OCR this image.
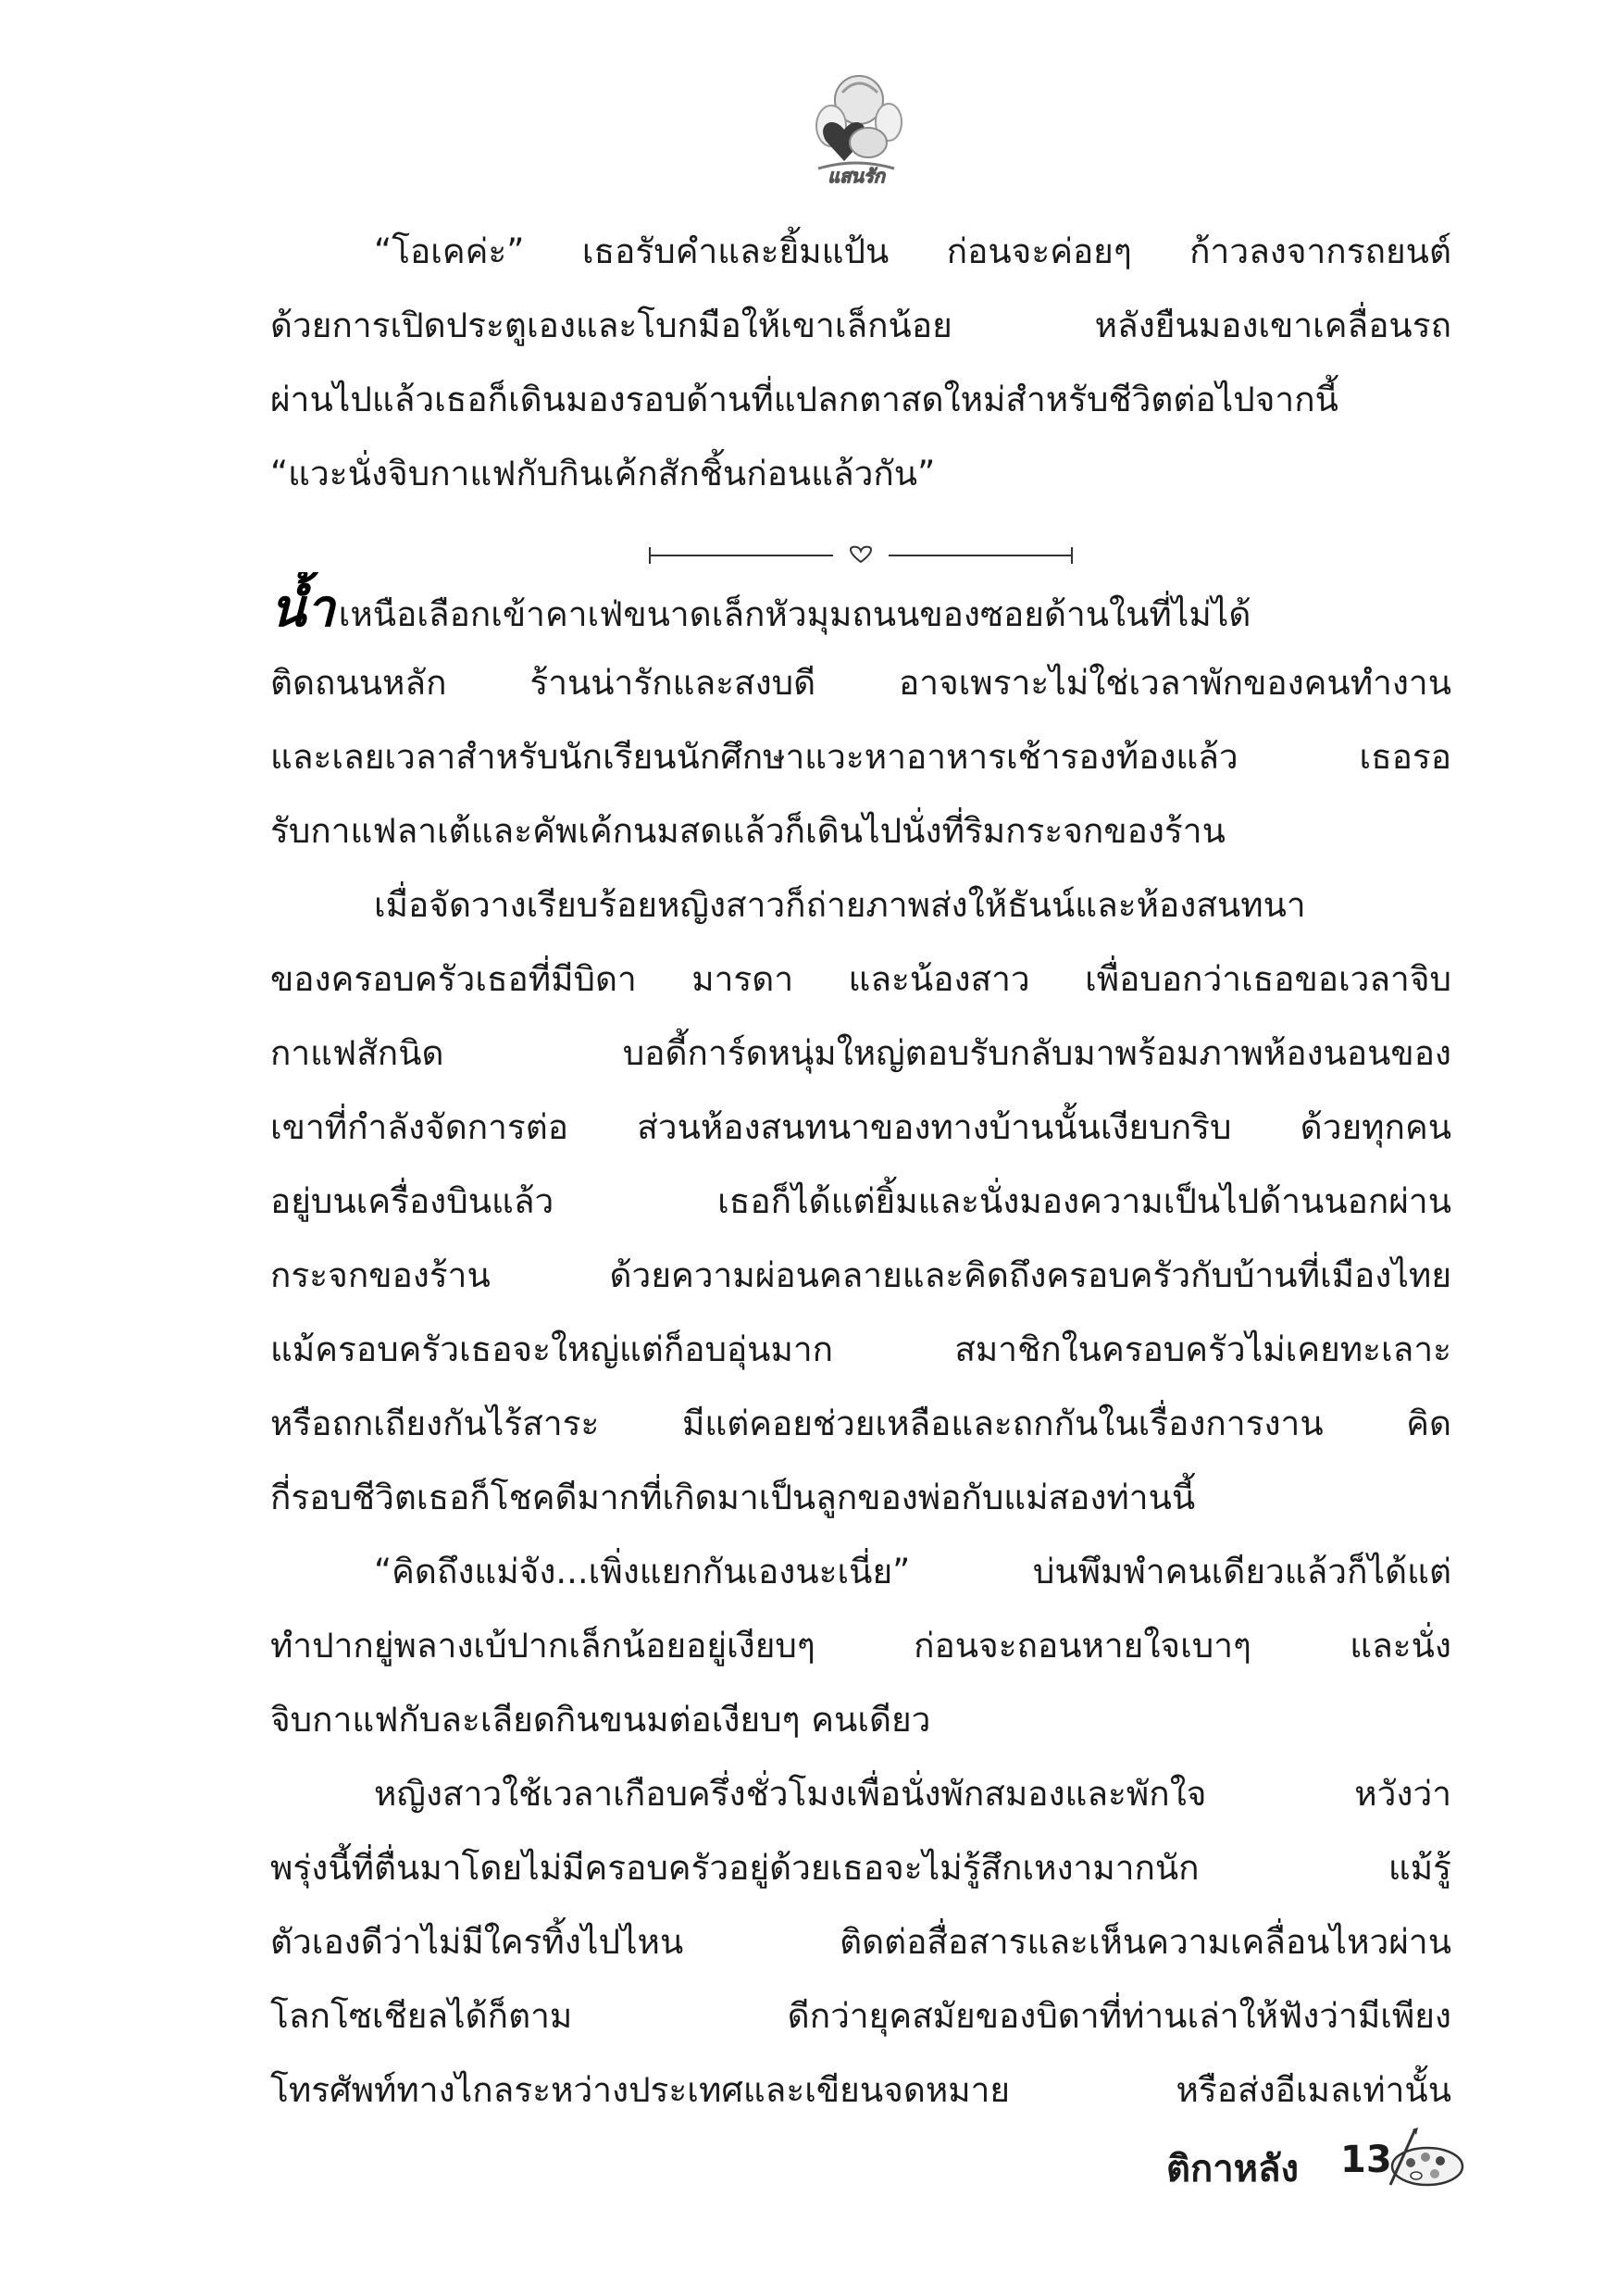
แสนรัก
“โอเคค่ะ” เธอรับคำและยิ้มแป้น ก่อนจะค่อยๆ ก้าวลงจากรถยนต์
ด้วยการเปิดประตูเองและโบกมือให้เขาเล็กน้อย หลังยืนมองเขาเคลื่อนรถ
ผ่านไปแล้วเธอก็เดินมองรอบด้านที่แปลกตาสดใหม่สำหรับชีวิตต่อไปจากนี้
“แวะนั่งจิบกาแฟกับกินเค้กสักชิ้นก่อนแล้วกัน”
น้ำ เหนือเลือกเข้าคาเฟ่ขนาดเล็กหัวมุมถนนของซอยด้านในที่ไม่ได้
ติดถนนหลัก ร้านน่ารักและสงบดี อาจเพราะไม่ใช่เวลาพักของคนทำงาน
และเลยเวลาสำหรับนักเรียนนักศึกษาแวะหาอาหารเช้ารองท้องแล้ว เธอรอ
รับกาแฟลาเต้และคัพเค้กนมสดแล้วก็เดินไปนั่งที่ริมกระจกของร้าน
เมื่อจัดวางเรียบร้อยหญิงสาวก็ถ่ายภาพส่งให้ธันน์และห้องสนทนา
ของครอบครัวเธอที่มีบิดา มารดา และน้องสาว เพื่อบอกว่าเธอขอเวลาจิบ
กาแฟสักนิด บอดี้การ์ดหนุ่มใหญ่ตอบรับกลับมาพร้อมภาพห้องนอนของ
เขาที่กำลังจัดการต่อ ส่วนห้องสนทนาของทางบ้านนั้นเงียบกริบ ด้วยทุกคน
อยู่บนเครื่องบินแล้ว เธอก็ได้แต่ยิ้มและนั่งมองความเป็นไปด้านนอกผ่าน
กระจกของร้าน ด้วยความผ่อนคลายและคิดถึงครอบครัวกับบ้านที่เมืองไทย
แม้ครอบครัวเธอจะใหญ่แต่ก็อบอุ่นมาก สมาชิกในครอบครัวไม่เคยทะเลาะ
หรือถกเถียงกันไร้สาระ มีแต่คอยช่วยเหลือและถกกันในเรื่องการงาน คิด
กี่รอบชีวิตเธอก็โชคดีมากที่เกิดมาเป็นลูกของพ่อกับแม่สองท่านนี้
“คิดถึงแม่จัง...เพิ่งแยกกันเองนะเนี่ย” บ่นพึมพำคนเดียวแล้วก็ได้แต่
ทำปากยู่พลางเบ้ปากเล็กน้อยอยู่เงียบๆ ก่อนจะถอนหายใจเบาๆ และนั่ง
จิบกาแฟกับละเลียดกินขนมต่อเงียบๆ คนเดียว
หญิงสาวใช้เวลาเกือบครึ่งชั่วโมงเพื่อนั่งพักสมองและพักใจ หวังว่า
พรุ่งนี้ที่ตื่นมาโดยไม่มีครอบครัวอยู่ด้วยเธอจะไม่รู้สึกเหงามากนัก แม้รู้
ตัวเองดีว่าไม่มีใครทิ้งไปไหน ติดต่อสื่อสารและเห็นความเคลื่อนไหวผ่าน
โลกโซเชียลได้ก็ตาม ดีกว่ายุคสมัยของบิดาที่ท่านเล่าให้ฟังว่ามีเพียง
โทรศัพท์ทางไกลระหว่างประเทศและเขียนจดหมาย หรือส่งอีเมลเท่านั้น
ติกาหลัง 13
